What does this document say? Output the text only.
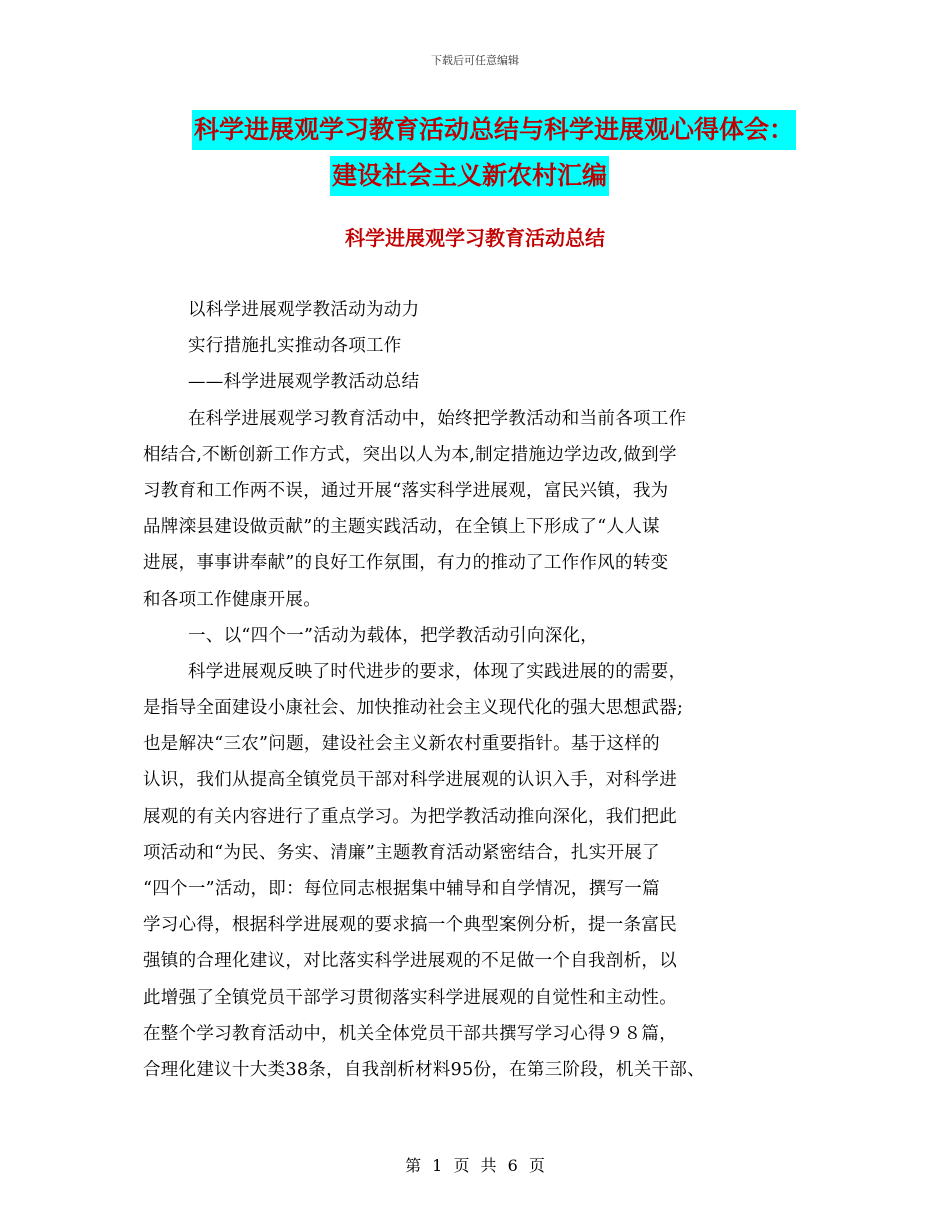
下载后可任意编辑
科学进展观学习教育活动总结与科学进展观心得体会：
建设社会主义新农村汇编
科学进展观学习教育活动总结
以科学进展观学教活动为动力
实行措施扎实推动各项工作
——科学进展观学教活动总结
在科学进展观学习教育活动中，始终把学教活动和当前各项工作
相结合,不断创新工作方式，突出以人为本,制定措施边学边改,做到学
习教育和工作两不误，通过开展“落实科学进展观，富民兴镇，我为
品牌滦县建设做贡献”的主题实践活动，在全镇上下形成了“人人谋
进展，事事讲奉献”的良好工作氛围，有力的推动了工作作风的转变
和各项工作健康开展。
一、以“四个一”活动为载体，把学教活动引向深化，
科学进展观反映了时代进步的要求，体现了实践进展的的需要，
是指导全面建设小康社会、加快推动社会主义现代化的强大思想武器;
也是解决“三农”问题，建设社会主义新农村重要指针。基于这样的
认识，我们从提高全镇党员干部对科学进展观的认识入手，对科学进
展观的有关内容进行了重点学习。为把学教活动推向深化，我们把此
项活动和“为民、务实、清廉”主题教育活动紧密结合，扎实开展了
“四个一”活动，即：每位同志根据集中辅导和自学情况，撰写一篇
学习心得，根据科学进展观的要求搞一个典型案例分析，提一条富民
强镇的合理化建议，对比落实科学进展观的不足做一个自我剖析，以
此增强了全镇党员干部学习贯彻落实科学进展观的自觉性和主动性。
在整个学习教育活动中，机关全体党员干部共撰写学习心得９８篇，
合理化建议十大类38条，自我剖析材料95份，在第三阶段，机关干部、
第 1 页 共 6 页
